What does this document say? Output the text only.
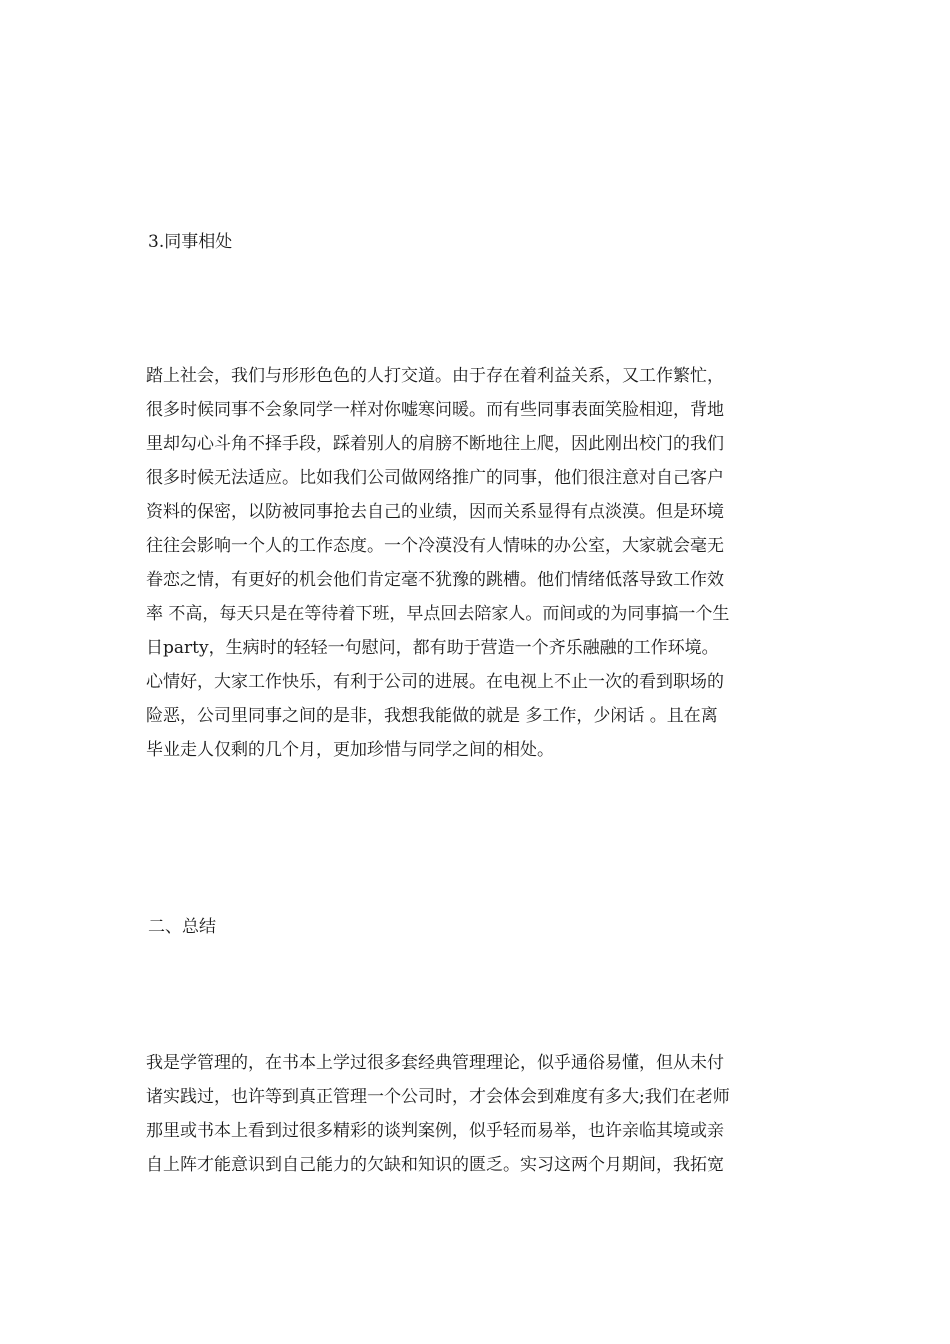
3.同事相处
踏上社会，我们与形形色色的人打交道。由于存在着利益关系，又工作繁忙，
很多时候同事不会象同学一样对你嘘寒问暖。而有些同事表面笑脸相迎，背地
里却勾心斗角不择手段，踩着别人的肩膀不断地往上爬，因此刚出校门的我们
很多时候无法适应。比如我们公司做网络推广的同事，他们很注意对自己客户
资料的保密，以防被同事抢去自己的业绩，因而关系显得有点淡漠。但是环境
往往会影响一个人的工作态度。一个冷漠没有人情味的办公室，大家就会毫无
眷恋之情，有更好的机会他们肯定毫不犹豫的跳槽。他们情绪低落导致工作效
率 不高，每天只是在等待着下班，早点回去陪家人。而间或的为同事搞一个生
日party，生病时的轻轻一句慰问，都有助于营造一个齐乐融融的工作环境。
心情好，大家工作快乐，有利于公司的进展。在电视上不止一次的看到职场的
险恶，公司里同事之间的是非，我想我能做的就是 多工作，少闲话 。且在离
毕业走人仅剩的几个月，更加珍惜与同学之间的相处。
二、总结
我是学管理的，在书本上学过很多套经典管理理论，似乎通俗易懂，但从未付
诸实践过，也许等到真正管理一个公司时，才会体会到难度有多大;我们在老师
那里或书本上看到过很多精彩的谈判案例，似乎轻而易举，也许亲临其境或亲
自上阵才能意识到自己能力的欠缺和知识的匮乏。实习这两个月期间，我拓宽
